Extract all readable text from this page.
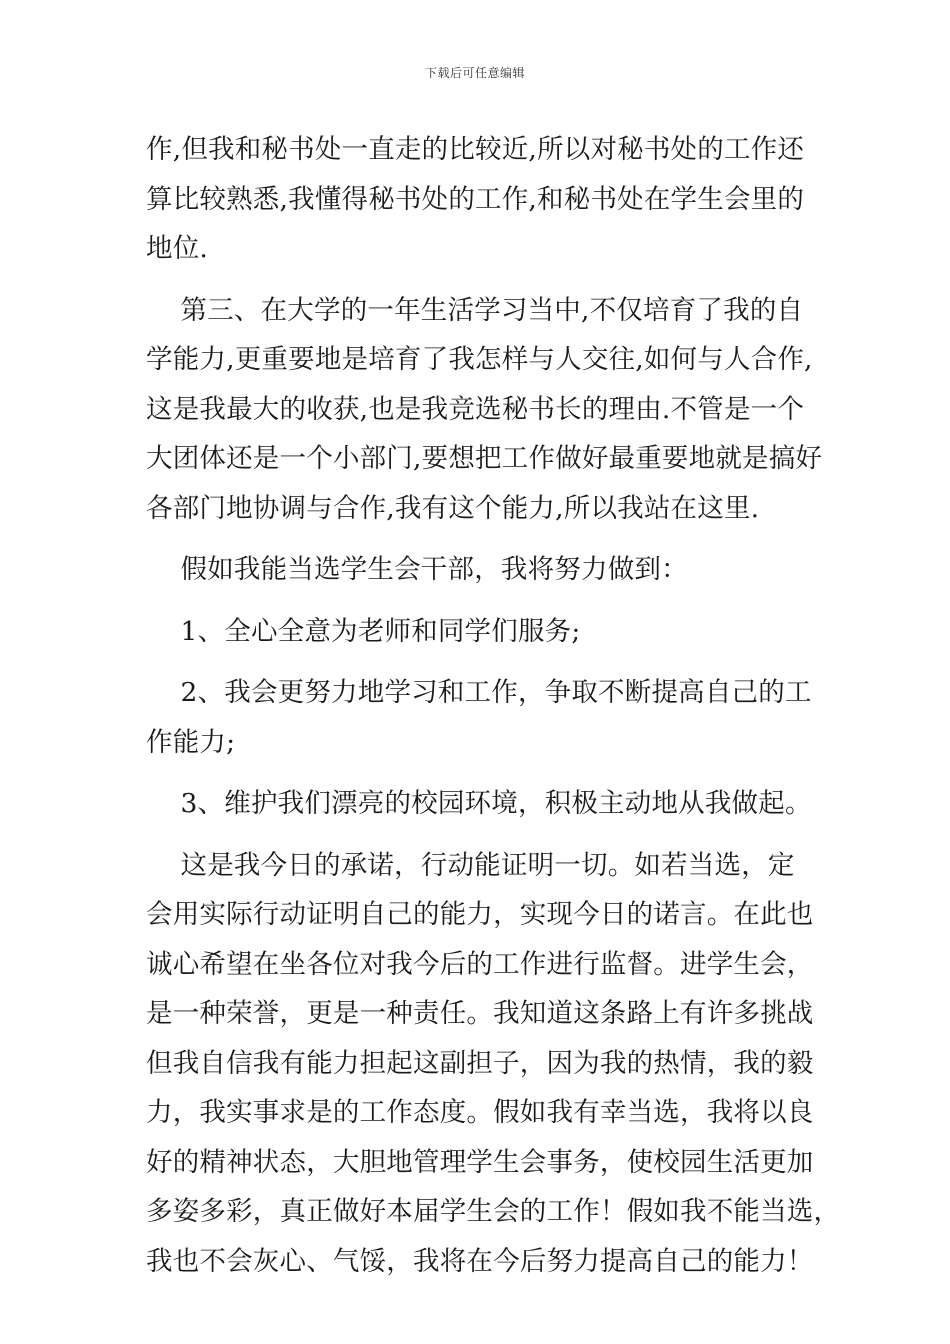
下载后可任意编辑
作,但我和秘书处一直走的比较近,所以对秘书处的工作还
算比较熟悉,我懂得秘书处的工作,和秘书处在学生会里的
地位.
第三、在大学的一年生活学习当中,不仅培育了我的自
学能力,更重要地是培育了我怎样与人交往,如何与人合作,
这是我最大的收获,也是我竞选秘书长的理由.不管是一个
大团体还是一个小部门,要想把工作做好最重要地就是搞好
各部门地协调与合作,我有这个能力,所以我站在这里.
假如我能当选学生会干部，我将努力做到：
1、全心全意为老师和同学们服务;
2、我会更努力地学习和工作，争取不断提高自己的工
作能力;
3、维护我们漂亮的校园环境，积极主动地从我做起。
这是我今日的承诺，行动能证明一切。如若当选，定
会用实际行动证明自己的能力，实现今日的诺言。在此也
诚心希望在坐各位对我今后的工作进行监督。进学生会，
是一种荣誉，更是一种责任。我知道这条路上有许多挑战
但我自信我有能力担起这副担子，因为我的热情，我的毅
力，我实事求是的工作态度。假如我有幸当选，我将以良
好的精神状态，大胆地管理学生会事务，使校园生活更加
多姿多彩，真正做好本届学生会的工作！假如我不能当选，
我也不会灰心、气馁，我将在今后努力提高自己的能力！
